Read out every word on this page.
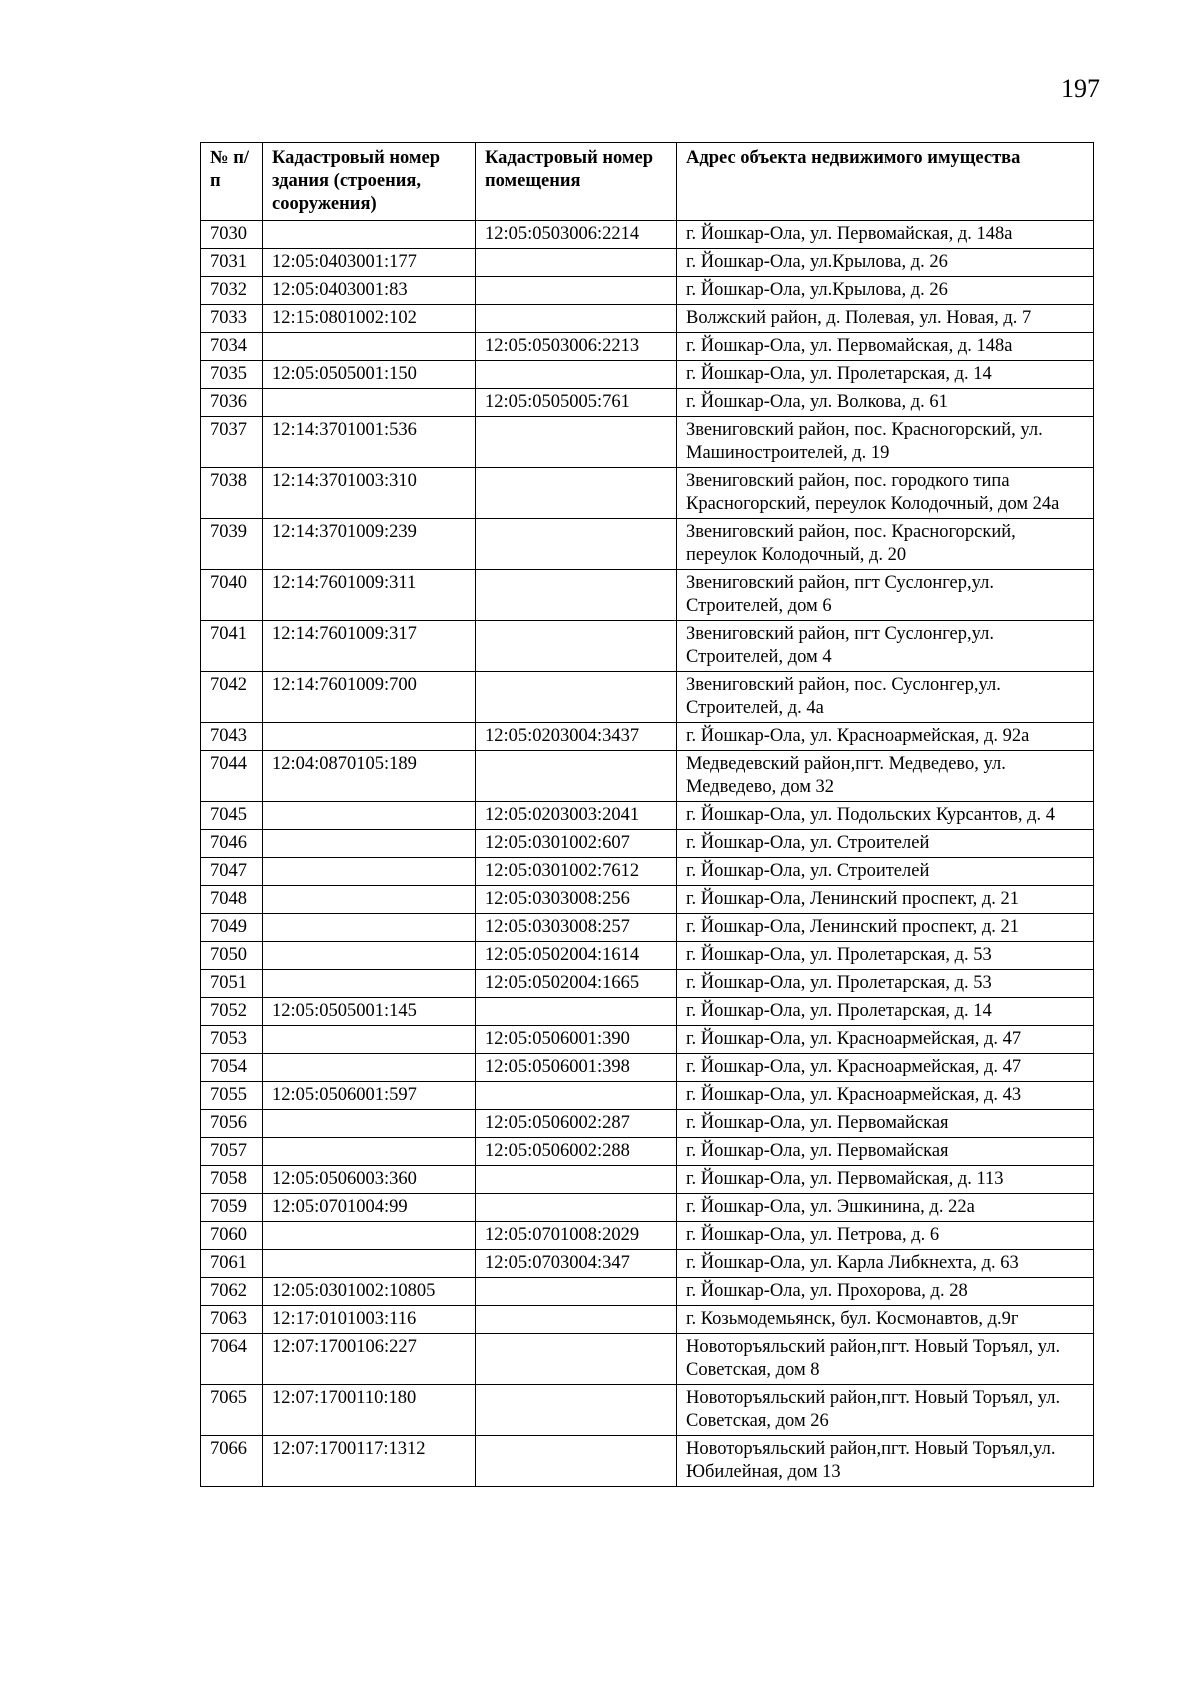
197
№ п/п	Кадастровый номер здания (строения, сооружения)	Кадастровый номер помещения	Адрес объекта недвижимого имущества
7030		12:05:0503006:2214	г. Йошкар-Ола, ул. Первомайская, д. 148а
7031	12:05:0403001:177		г. Йошкар-Ола, ул.Крылова, д. 26
7032	12:05:0403001:83		г. Йошкар-Ола, ул.Крылова, д. 26
7033	12:15:0801002:102		Волжский район, д. Полевая, ул. Новая, д. 7
7034		12:05:0503006:2213	г. Йошкар-Ола, ул. Первомайская, д. 148а
7035	12:05:0505001:150		г. Йошкар-Ола, ул. Пролетарская, д. 14
7036		12:05:0505005:761	г. Йошкар-Ола, ул. Волкова, д. 61
7037	12:14:3701001:536		Звениговский район, пос. Красногорский, ул. Машиностроителей, д. 19
7038	12:14:3701003:310		Звениговский район, пос. городкого типа Красногорский, переулок Колодочный, дом 24а
7039	12:14:3701009:239		Звениговский район, пос. Красногорский, переулок Колодочный, д. 20
7040	12:14:7601009:311		Звениговский район, пгт Суслонгер,ул. Строителей, дом 6
7041	12:14:7601009:317		Звениговский район, пгт Суслонгер,ул. Строителей, дом 4
7042	12:14:7601009:700		Звениговский район, пос. Суслонгер,ул. Строителей, д. 4а
7043		12:05:0203004:3437	г. Йошкар-Ола, ул. Красноармейская, д. 92а
7044	12:04:0870105:189		Медведевский район,пгт. Медведево, ул. Медведево, дом 32
7045		12:05:0203003:2041	г. Йошкар-Ола, ул. Подольских Курсантов, д. 4
7046		12:05:0301002:607	г. Йошкар-Ола, ул. Строителей
7047		12:05:0301002:7612	г. Йошкар-Ола, ул. Строителей
7048		12:05:0303008:256	г. Йошкар-Ола, Ленинский проспект, д. 21
7049		12:05:0303008:257	г. Йошкар-Ола, Ленинский проспект, д. 21
7050		12:05:0502004:1614	г. Йошкар-Ола, ул. Пролетарская, д. 53
7051		12:05:0502004:1665	г. Йошкар-Ола, ул. Пролетарская, д. 53
7052	12:05:0505001:145		г. Йошкар-Ола, ул. Пролетарская, д. 14
7053		12:05:0506001:390	г. Йошкар-Ола, ул. Красноармейская, д. 47
7054		12:05:0506001:398	г. Йошкар-Ола, ул. Красноармейская, д. 47
7055	12:05:0506001:597		г. Йошкар-Ола, ул. Красноармейская, д. 43
7056		12:05:0506002:287	г. Йошкар-Ола, ул. Первомайская
7057		12:05:0506002:288	г. Йошкар-Ола, ул. Первомайская
7058	12:05:0506003:360		г. Йошкар-Ола, ул. Первомайская, д. 113
7059	12:05:0701004:99		г. Йошкар-Ола, ул. Эшкинина, д. 22а
7060		12:05:0701008:2029	г. Йошкар-Ола, ул. Петрова, д. 6
7061		12:05:0703004:347	г. Йошкар-Ола, ул. Карла Либкнехта, д. 63
7062	12:05:0301002:10805		г. Йошкар-Ола, ул. Прохорова, д. 28
7063	12:17:0101003:116		г. Козьмодемьянск, бул. Космонавтов, д.9г
7064	12:07:1700106:227		Новоторъяльский район,пгт. Новый Торъял, ул. Советская, дом 8
7065	12:07:1700110:180		Новоторъяльский район,пгт. Новый Торъял, ул. Советская, дом 26
7066	12:07:1700117:1312		Новоторъяльский район,пгт. Новый Торъял,ул. Юбилейная, дом 13
